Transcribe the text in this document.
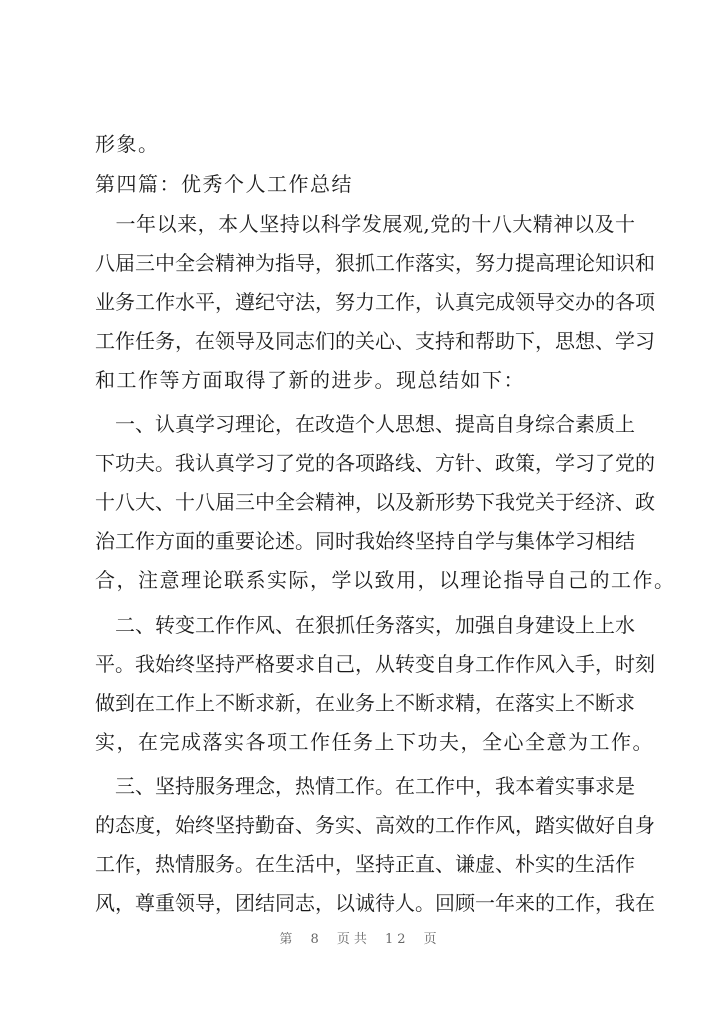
形象。
第四篇：优秀个人工作总结
　一年以来，本人坚持以科学发展观,党的十八大精神以及十
八届三中全会精神为指导，狠抓工作落实，努力提高理论知识和
业务工作水平，遵纪守法，努力工作，认真完成领导交办的各项
工作任务，在领导及同志们的关心、支持和帮助下，思想、学习
和工作等方面取得了新的进步。现总结如下：
　一、认真学习理论，在改造个人思想、提高自身综合素质上
下功夫。我认真学习了党的各项路线、方针、政策，学习了党的
十八大、十八届三中全会精神，以及新形势下我党关于经济、政
治工作方面的重要论述。同时我始终坚持自学与集体学习相结
合，注意理论联系实际，学以致用，以理论指导自己的工作。
　二、转变工作作风、在狠抓任务落实，加强自身建设上上水
平。我始终坚持严格要求自己，从转变自身工作作风入手，时刻
做到在工作上不断求新，在业务上不断求精，在落实上不断求
实，在完成落实各项工作任务上下功夫，全心全意为工作。
　三、坚持服务理念，热情工作。在工作中，我本着实事求是
的态度，始终坚持勤奋、务实、高效的工作作风，踏实做好自身
工作，热情服务。在生活中，坚持正直、谦虚、朴实的生活作
风，尊重领导，团结同志，以诚待人。回顾一年来的工作，我在
第 8 页共 12 页
